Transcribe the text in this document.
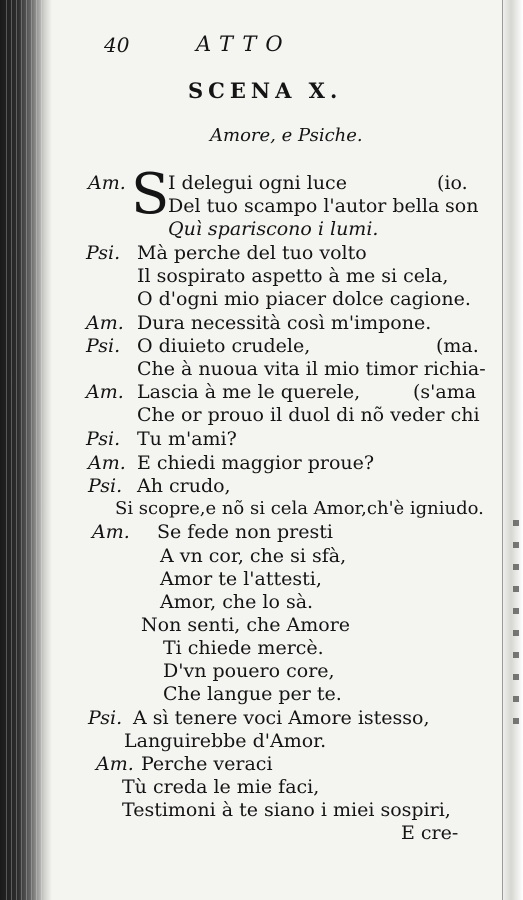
40	ATTO
SCENA X.
Amore, e Psiche.
S
Am. I delegui ogni luce	(io.
Del tuo scampo l'autor bella son
Quì spariscono i lumi.
Psi. Mà perche del tuo volto
Il sospirato aspetto à me si cela,
O d'ogni mio piacer dolce cagione.
Am. Dura necessità così m'impone.
Psi. O diuieto crudele,	(ma.
Che à nuoua vita il mio timor richia-
Am. Lascia à me le querele,	(s'ama
Che or prouo il duol di nõ veder chi
Psi. Tu m'ami?
Am. E chiedi maggior proue?
Psi. Ah crudo,
Si scopre,e nõ si cela Amor,ch'è igniudo.
Am. Se fede non presti
A vn cor, che si sfà,
Amor te l'attesti,
Amor, che lo sà.
Non senti, che Amore
Ti chiede mercè.
D'vn pouero core,
Che langue per te.
Psi. A sì tenere voci Amore istesso,
Languirebbe d'Amor.
Am. Perche veraci
Tù creda le mie faci,
Testimoni à te siano i miei sospiri,
E cre-
